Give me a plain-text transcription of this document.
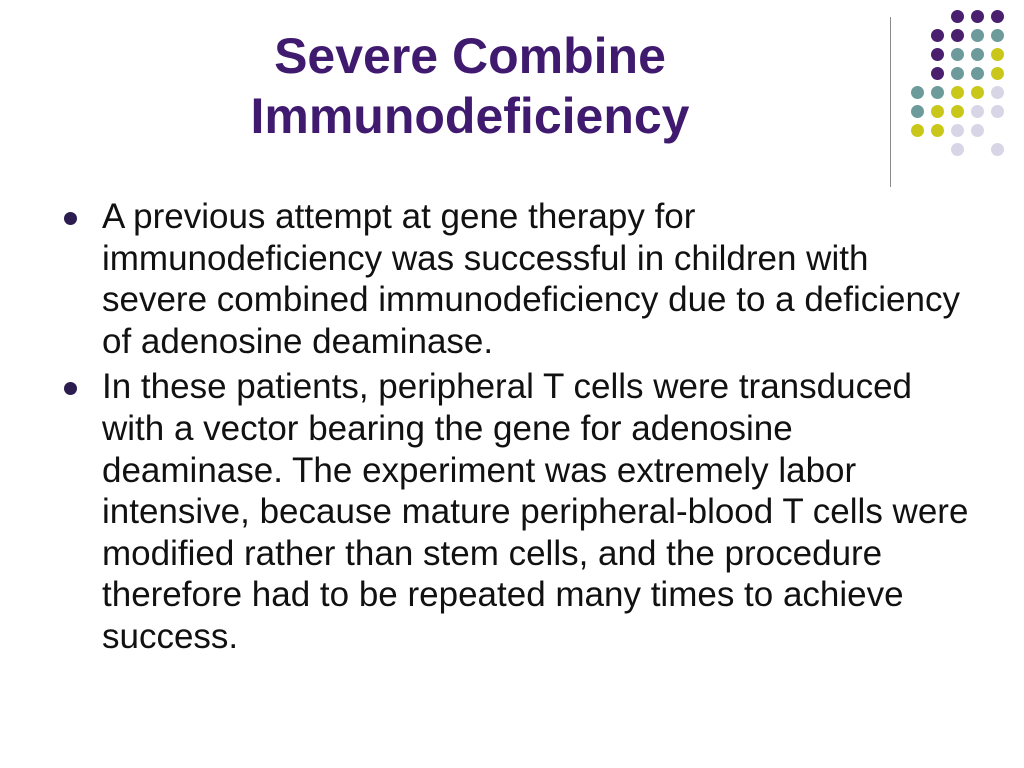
Severe Combine
Immunodeficiency
A previous attempt at gene therapy for immunodeficiency was successful in children with severe combined immunodeficiency due to a deficiency of adenosine deaminase.
In these patients, peripheral T cells were transduced with a vector bearing the gene for adenosine deaminase. The experiment was extremely labor intensive, because mature peripheral-blood T cells were modified rather than stem cells, and the procedure therefore had to be repeated many times to achieve success.
